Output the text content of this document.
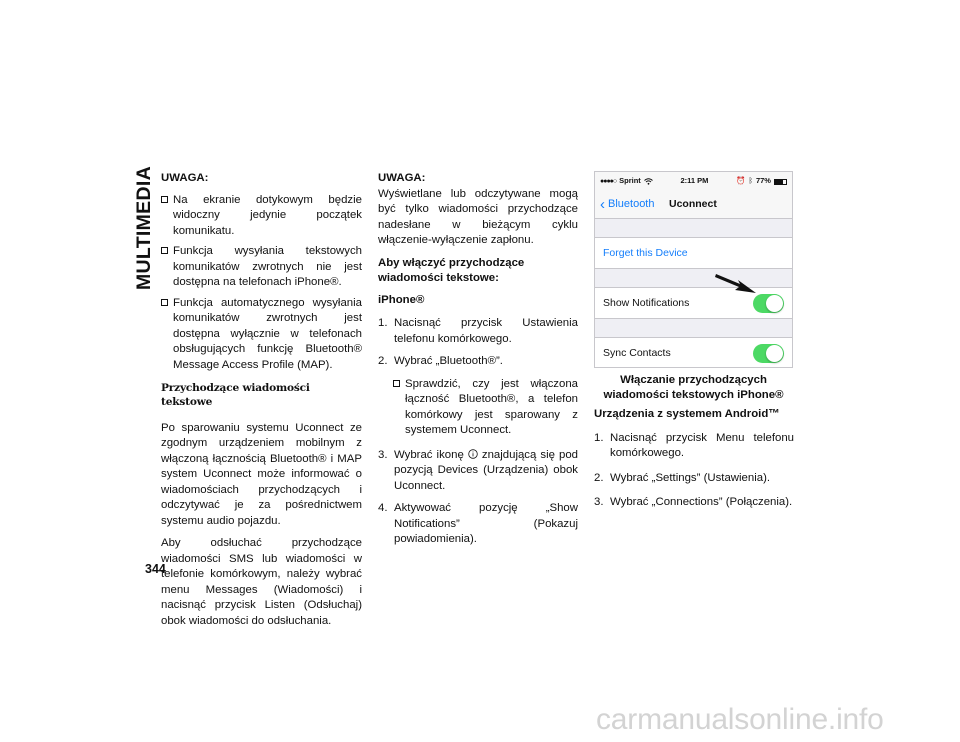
MULTIMEDIA UWAGA:
Na ekranie dotykowym będzie widoczny jedynie początek komunikatu.
Funkcja wysyłania tekstowych komunikatów zwrotnych nie jest dostępna na telefonach iPhone®.
Funkcja automatycznego wysyłania komunikatów zwrotnych jest dostępna wyłącznie w telefonach obsługujących funkcję Bluetooth® Message Access Profile (MAP).
Przychodzące wiadomości tekstowe

Po sparowaniu systemu Uconnect ze zgodnym urządzeniem mobilnym z włączoną łącznością Bluetooth® i MAP system Uconnect może informować o wiadomościach przychodzących i odczytywać je za pośrednictwem systemu audio pojazdu.

Aby odsłuchać przychodzące wiadomości SMS lub wiadomości w telefonie komórkowym, należy wybrać menu Messages (Wiadomości) i nacisnąć przycisk Listen (Odsłuchaj) obok wiadomości do odsłuchania.

UWAGA:

Wyświetlane lub odczytywane mogą być tylko wiadomości przychodzące nadesłane w bieżącym cyklu włączenie-wyłączenie zapłonu.

Aby włączyć przychodzące wiadomości tekstowe:
iPhone®
1. Nacisnąć przycisk Ustawienia telefonu komórkowego.
2. Wybrać „Bluetooth®”.
Sprawdzić, czy jest włączona łączność Bluetooth®, a telefon komórkowy jest sparowany z systemem Uconnect.
3. Wybrać ikonę znajdującą się pod pozycją Devices (Urządzenia) obok Uconnect.
4. Aktywować pozycję „Show Notifications” (Pokazuj powiadomienia).
●●●●○ Sprint	2:11 PM	⏰ ᛒ 77%
‹ Bluetooth Uconnect
Forget this Device
Show Notifications
Sync Contacts
Włączanie przychodzących wiadomości tekstowych iPhone®
Urządzenia z systemem Android™
1. Nacisnąć przycisk Menu telefonu komórkowego.
2. Wybrać „Settings” (Ustawienia).
3. Wybrać „Connections” (Połączenia).
344
carmanualsonline.info
